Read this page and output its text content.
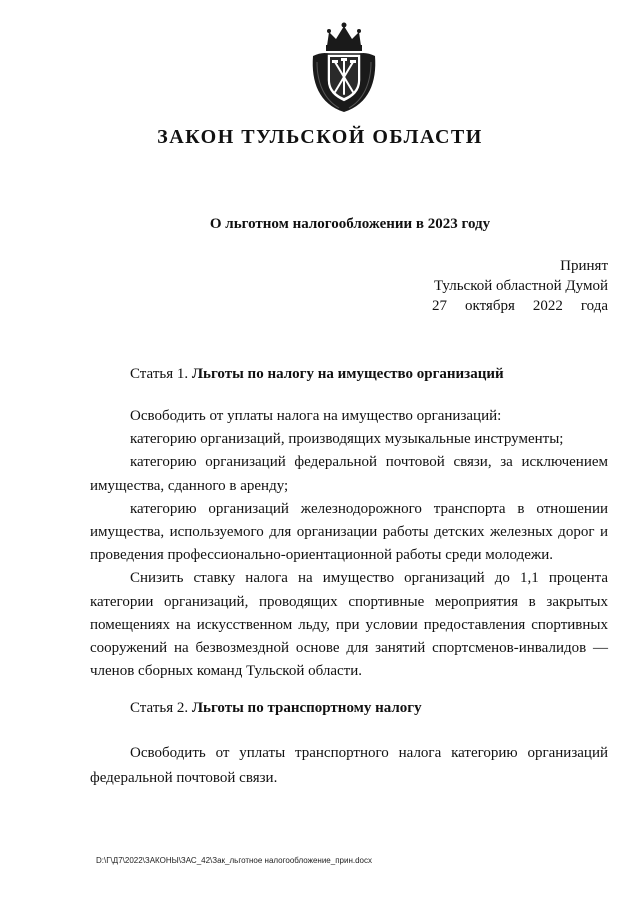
ЗАКОН ТУЛЬСКОЙ ОБЛАСТИ
О льготном налогообложении в 2023 году
Принят
Тульской областной Думой
27 октября 2022 года
Статья 1. Льготы по налогу на имущество организаций

Освободить от уплаты налога на имущество организаций:

категорию организаций, производящих музыкальные инструменты;

категорию организаций федеральной почтовой связи, за исключением имущества, сданного в аренду;

категорию организаций железнодорожного транспорта в отношении имущества, используемого для организации работы детских железных дорог и проведения профессионально-ориентационной работы среди молодежи.

Снизить ставку налога на имущество организаций до 1,1 процента категории организаций, проводящих спортивные мероприятия в закрытых помещениях на искусственном льду, при условии предоставления спортивных сооружений на безвозмездной основе для занятий спортсменов-инвалидов — членов сборных команд Тульской области.

Статья 2. Льготы по транспортному налогу

Освободить от уплаты транспортного налога категорию организаций федеральной почтовой связи.

D:\Г\Д7\2022\ЗАКОНЫ\ЗАС_42\Зак_льготное налогообложение_прин.docx
